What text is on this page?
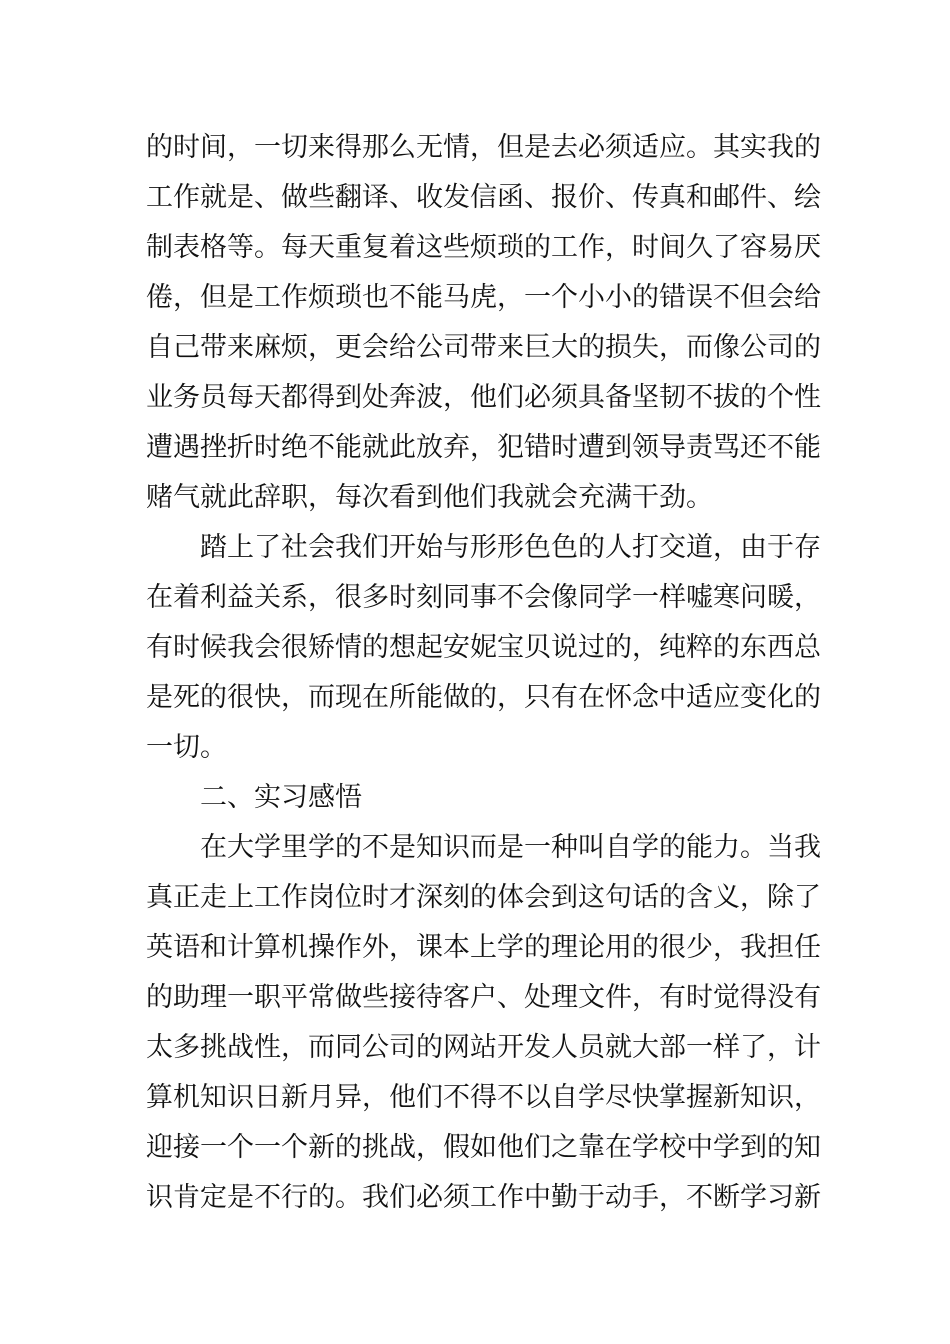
的时间，一切来得那么无情，但是去必须适应。其实我的

工作就是、做些翻译、收发信函、报价、传真和邮件、绘

制表格等。每天重复着这些烦琐的工作，时间久了容易厌

倦，但是工作烦琐也不能马虎，一个小小的错误不但会给

自己带来麻烦，更会给公司带来巨大的损失，而像公司的

业务员每天都得到处奔波，他们必须具备坚韧不拔的个性

遭遇挫折时绝不能就此放弃，犯错时遭到领导责骂还不能

赌气就此辞职，每次看到他们我就会充满干劲。

踏上了社会我们开始与形形色色的人打交道，由于存

在着利益关系，很多时刻同事不会像同学一样嘘寒问暖，

有时候我会很矫情的想起安妮宝贝说过的，纯粹的东西总

是死的很快，而现在所能做的，只有在怀念中适应变化的

一切。

二、实习感悟

在大学里学的不是知识而是一种叫自学的能力。当我

真正走上工作岗位时才深刻的体会到这句话的含义，除了

英语和计算机操作外，课本上学的理论用的很少，我担任

的助理一职平常做些接待客户、处理文件，有时觉得没有

太多挑战性，而同公司的网站开发人员就大部一样了，计

算机知识日新月异，他们不得不以自学尽快掌握新知识，

迎接一个一个新的挑战，假如他们之靠在学校中学到的知

识肯定是不行的。我们必须工作中勤于动手，不断学习新
